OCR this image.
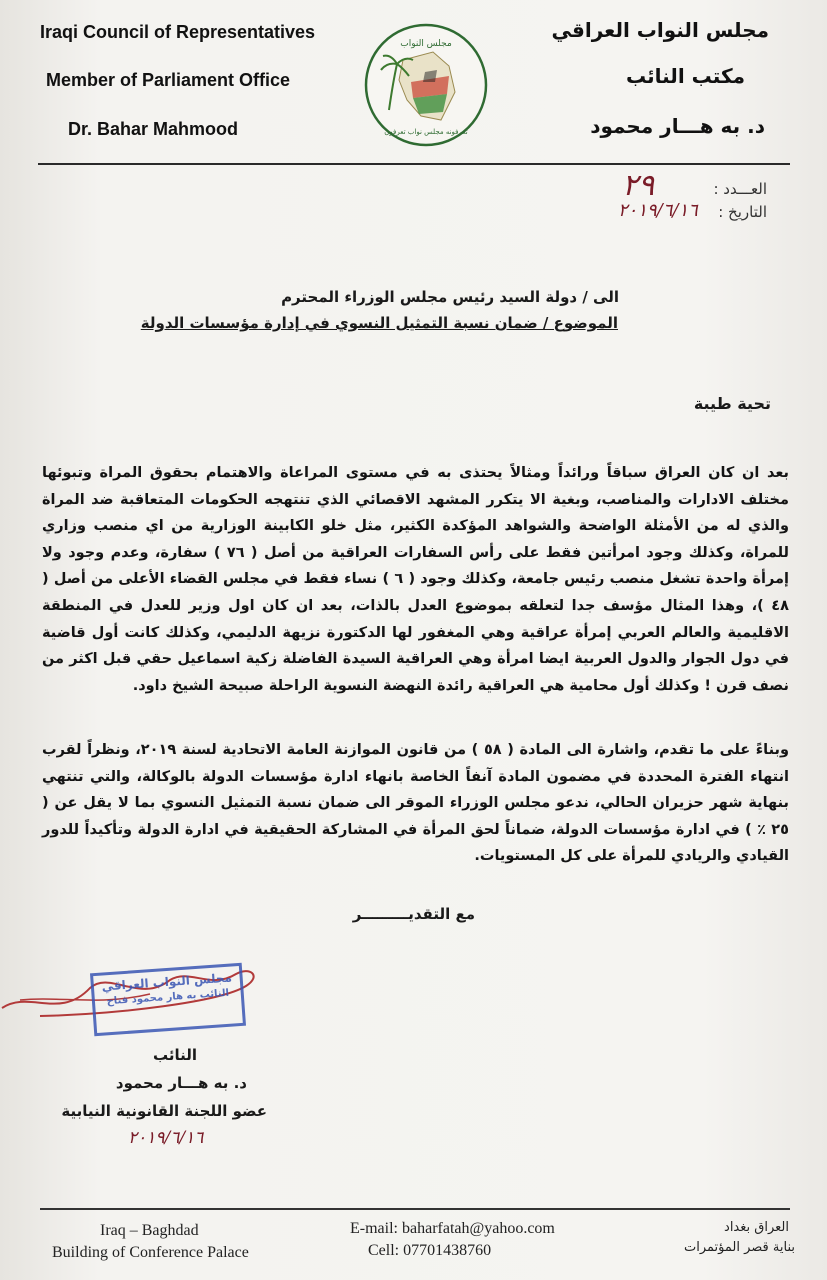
Iraqi Council of Representatives
Member of Parliament Office
Dr. Bahar Mahmood
مجلس النواب
تعرفونه مجلس نواب تعرفون
مجلس النواب العراقي
مكتب النائب
د. به هـــار محمود
العـــدد :
٢٩
التاريخ :
٢٠١٩/٦/١٦
الى / دولة السيد رئيس مجلس الوزراء المحترم
الموضوع / ضمان نسبة التمثيل النسوي في إدارة مؤسسات الدولة
تحية طيبة

بعد ان كان العراق سباقاً ورائداً ومثالاً يحتذى به في مستوى المراعاة والاهتمام بحقوق المراة وتبوئها مختلف الادارات والمناصب، وبغية الا يتكرر المشهد الاقصائي الذي تنتهجه الحكومات المتعاقبة ضد المراة والذي له من الأمثلة الواضحة والشواهد المؤكدة الكثير، مثل خلو الكابينة الوزارية من اي منصب وزاري للمراة، وكذلك وجود امرأتين فقط على رأس السفارات العراقية من أصل ( ٧٦ ) سفارة، وعدم وجود ولا إمرأة واحدة تشغل منصب رئيس جامعة، وكذلك وجود ( ٦ ) نساء فقط في مجلس القضاء الأعلى من أصل ( ٤٨ )، وهذا المثال مؤسف جدا لتعلقه بموضوع العدل بالذات، بعد ان كان اول وزير للعدل في المنطقة الاقليمية والعالم العربي إمرأة عراقية وهي المغفور لها الدكتورة نزيهة الدليمي، وكذلك كانت أول قاضية في دول الجوار والدول العربية ايضا امرأة وهي العراقية السيدة الفاضلة زكية اسماعيل حقي قبل اكثر من نصف قرن ! وكذلك أول محامية هي العراقية رائدة النهضة النسوية الراحلة صبيحة الشيخ داود.

وبناءً على ما تقدم، واشارة الى المادة ( ٥٨ ) من قانون الموازنة العامة الاتحادية لسنة ٢٠١٩، ونظراً لقرب انتهاء الفترة المحددة في مضمون المادة آنفاً الخاصة بانهاء ادارة مؤسسات الدولة بالوكالة، والتي تنتهي بنهاية شهر حزيران الحالي، ندعو مجلس الوزراء الموقر الى ضمان نسبة التمثيل النسوي بما لا يقل عن ( ٢٥ ٪ ) في ادارة مؤسسات الدولة، ضماناً لحق المرأة في المشاركة الحقيقية في ادارة الدولة وتأكيداً للدور القيادي والريادي للمرأة على كل المستويات.

مع التقديـــــــــر
مجلس النواب العراقي
النائب به هار محمود فتاح
النائب
د. به هـــار محمود
عضو اللجنة القانونية النيابية
٢٠١٩/٦/١٦
Iraq – Baghdad
Building of Conference Palace
E-mail: baharfatah@yahoo.com
Cell: 07701438760
العراق بغداد
بناية قصر المؤتمرات
